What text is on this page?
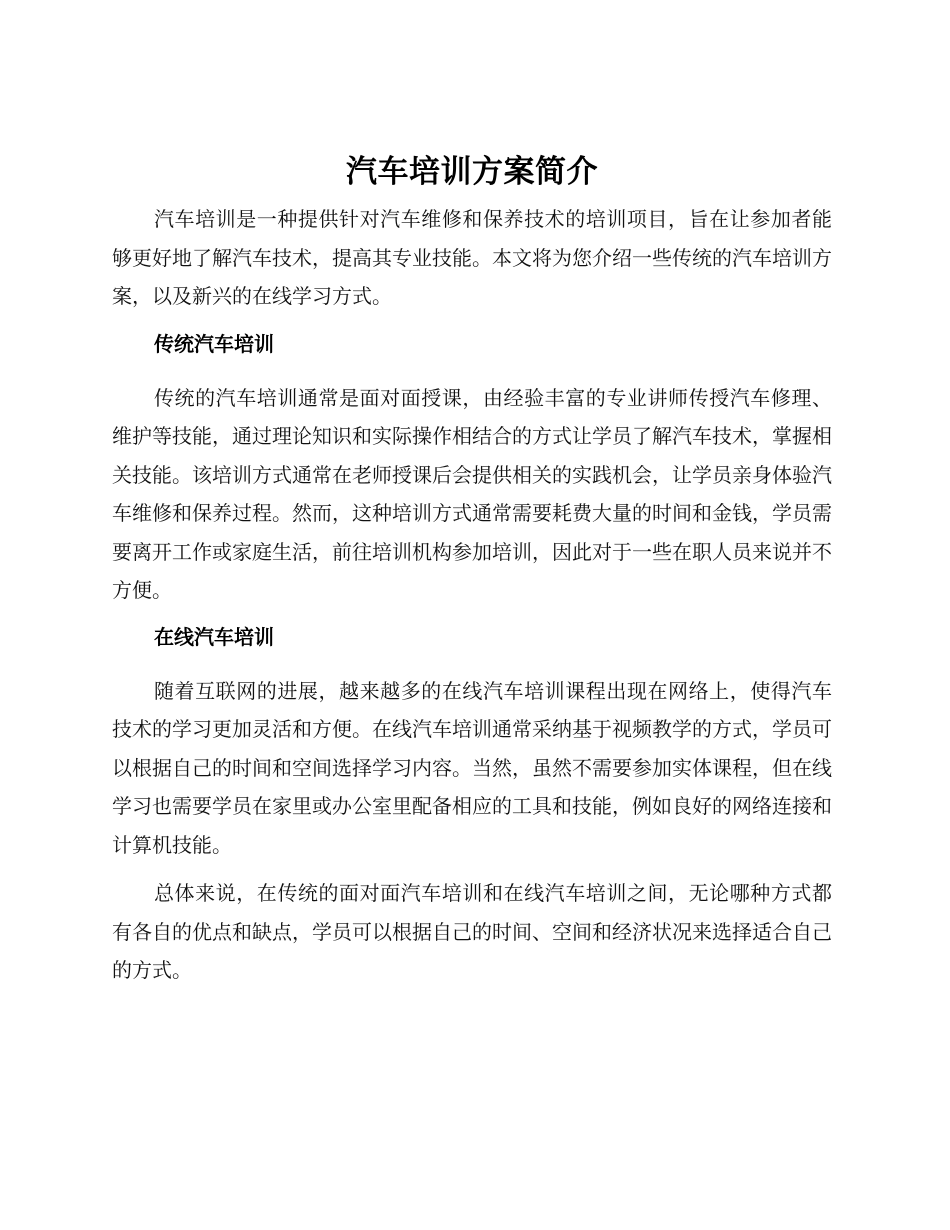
汽车培训方案简介

汽车培训是一种提供针对汽车维修和保养技术的培训项目，旨在让参加者能够更好地了解汽车技术，提高其专业技能。本文将为您介绍一些传统的汽车培训方案，以及新兴的在线学习方式。

传统汽车培训

传统的汽车培训通常是面对面授课，由经验丰富的专业讲师传授汽车修理、维护等技能，通过理论知识和实际操作相结合的方式让学员了解汽车技术，掌握相关技能。该培训方式通常在老师授课后会提供相关的实践机会，让学员亲身体验汽车维修和保养过程。然而，这种培训方式通常需要耗费大量的时间和金钱，学员需要离开工作或家庭生活，前往培训机构参加培训，因此对于一些在职人员来说并不方便。

在线汽车培训

随着互联网的进展，越来越多的在线汽车培训课程出现在网络上，使得汽车技术的学习更加灵活和方便。在线汽车培训通常采纳基于视频教学的方式，学员可以根据自己的时间和空间选择学习内容。当然，虽然不需要参加实体课程，但在线学习也需要学员在家里或办公室里配备相应的工具和技能，例如良好的网络连接和计算机技能。

总体来说，在传统的面对面汽车培训和在线汽车培训之间，无论哪种方式都有各自的优点和缺点，学员可以根据自己的时间、空间和经济状况来选择适合自己的方式。
